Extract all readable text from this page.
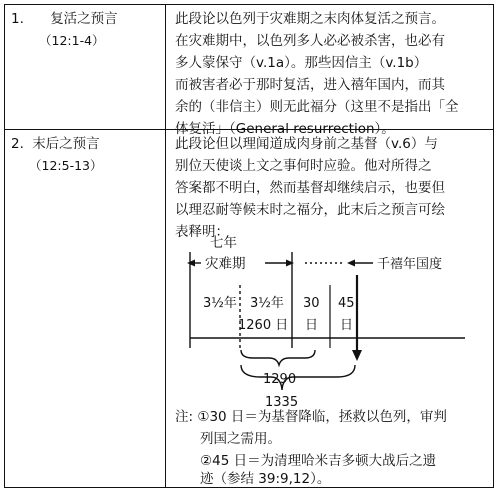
1. 复活之预言
（12:1-4）
此段论以色列于灾难期之末肉体复活之预言。
在灾难期中，以色列多人必必被杀害，也必有
多人蒙保守（v.1a）。那些因信主（v.1b）
而被害者必于那时复活，进入禧年国内，而其
余的（非信主）则无此福分（这里不是指出「全
体复活」（General resurrection）。
2. 末后之预言
（12:5-13）
此段论但以理闻道成肉身前之基督（v.6）与
别位天使谈上文之事何时应验。他对所得之
答案都不明白，然而基督却继续启示，也要但
以理忍耐等候末时之福分，此末后之预言可绘
表释明：
七年
灾难期	千禧年国度
3½年 3½年
1260 日
30
日
45
日
1290
1335
注: ①30 日＝为基督降临，拯救以色列，审判
列国之需用。
②45 日＝为清理哈米吉多顿大战后之遗
迹（参结 39:9,12）。
